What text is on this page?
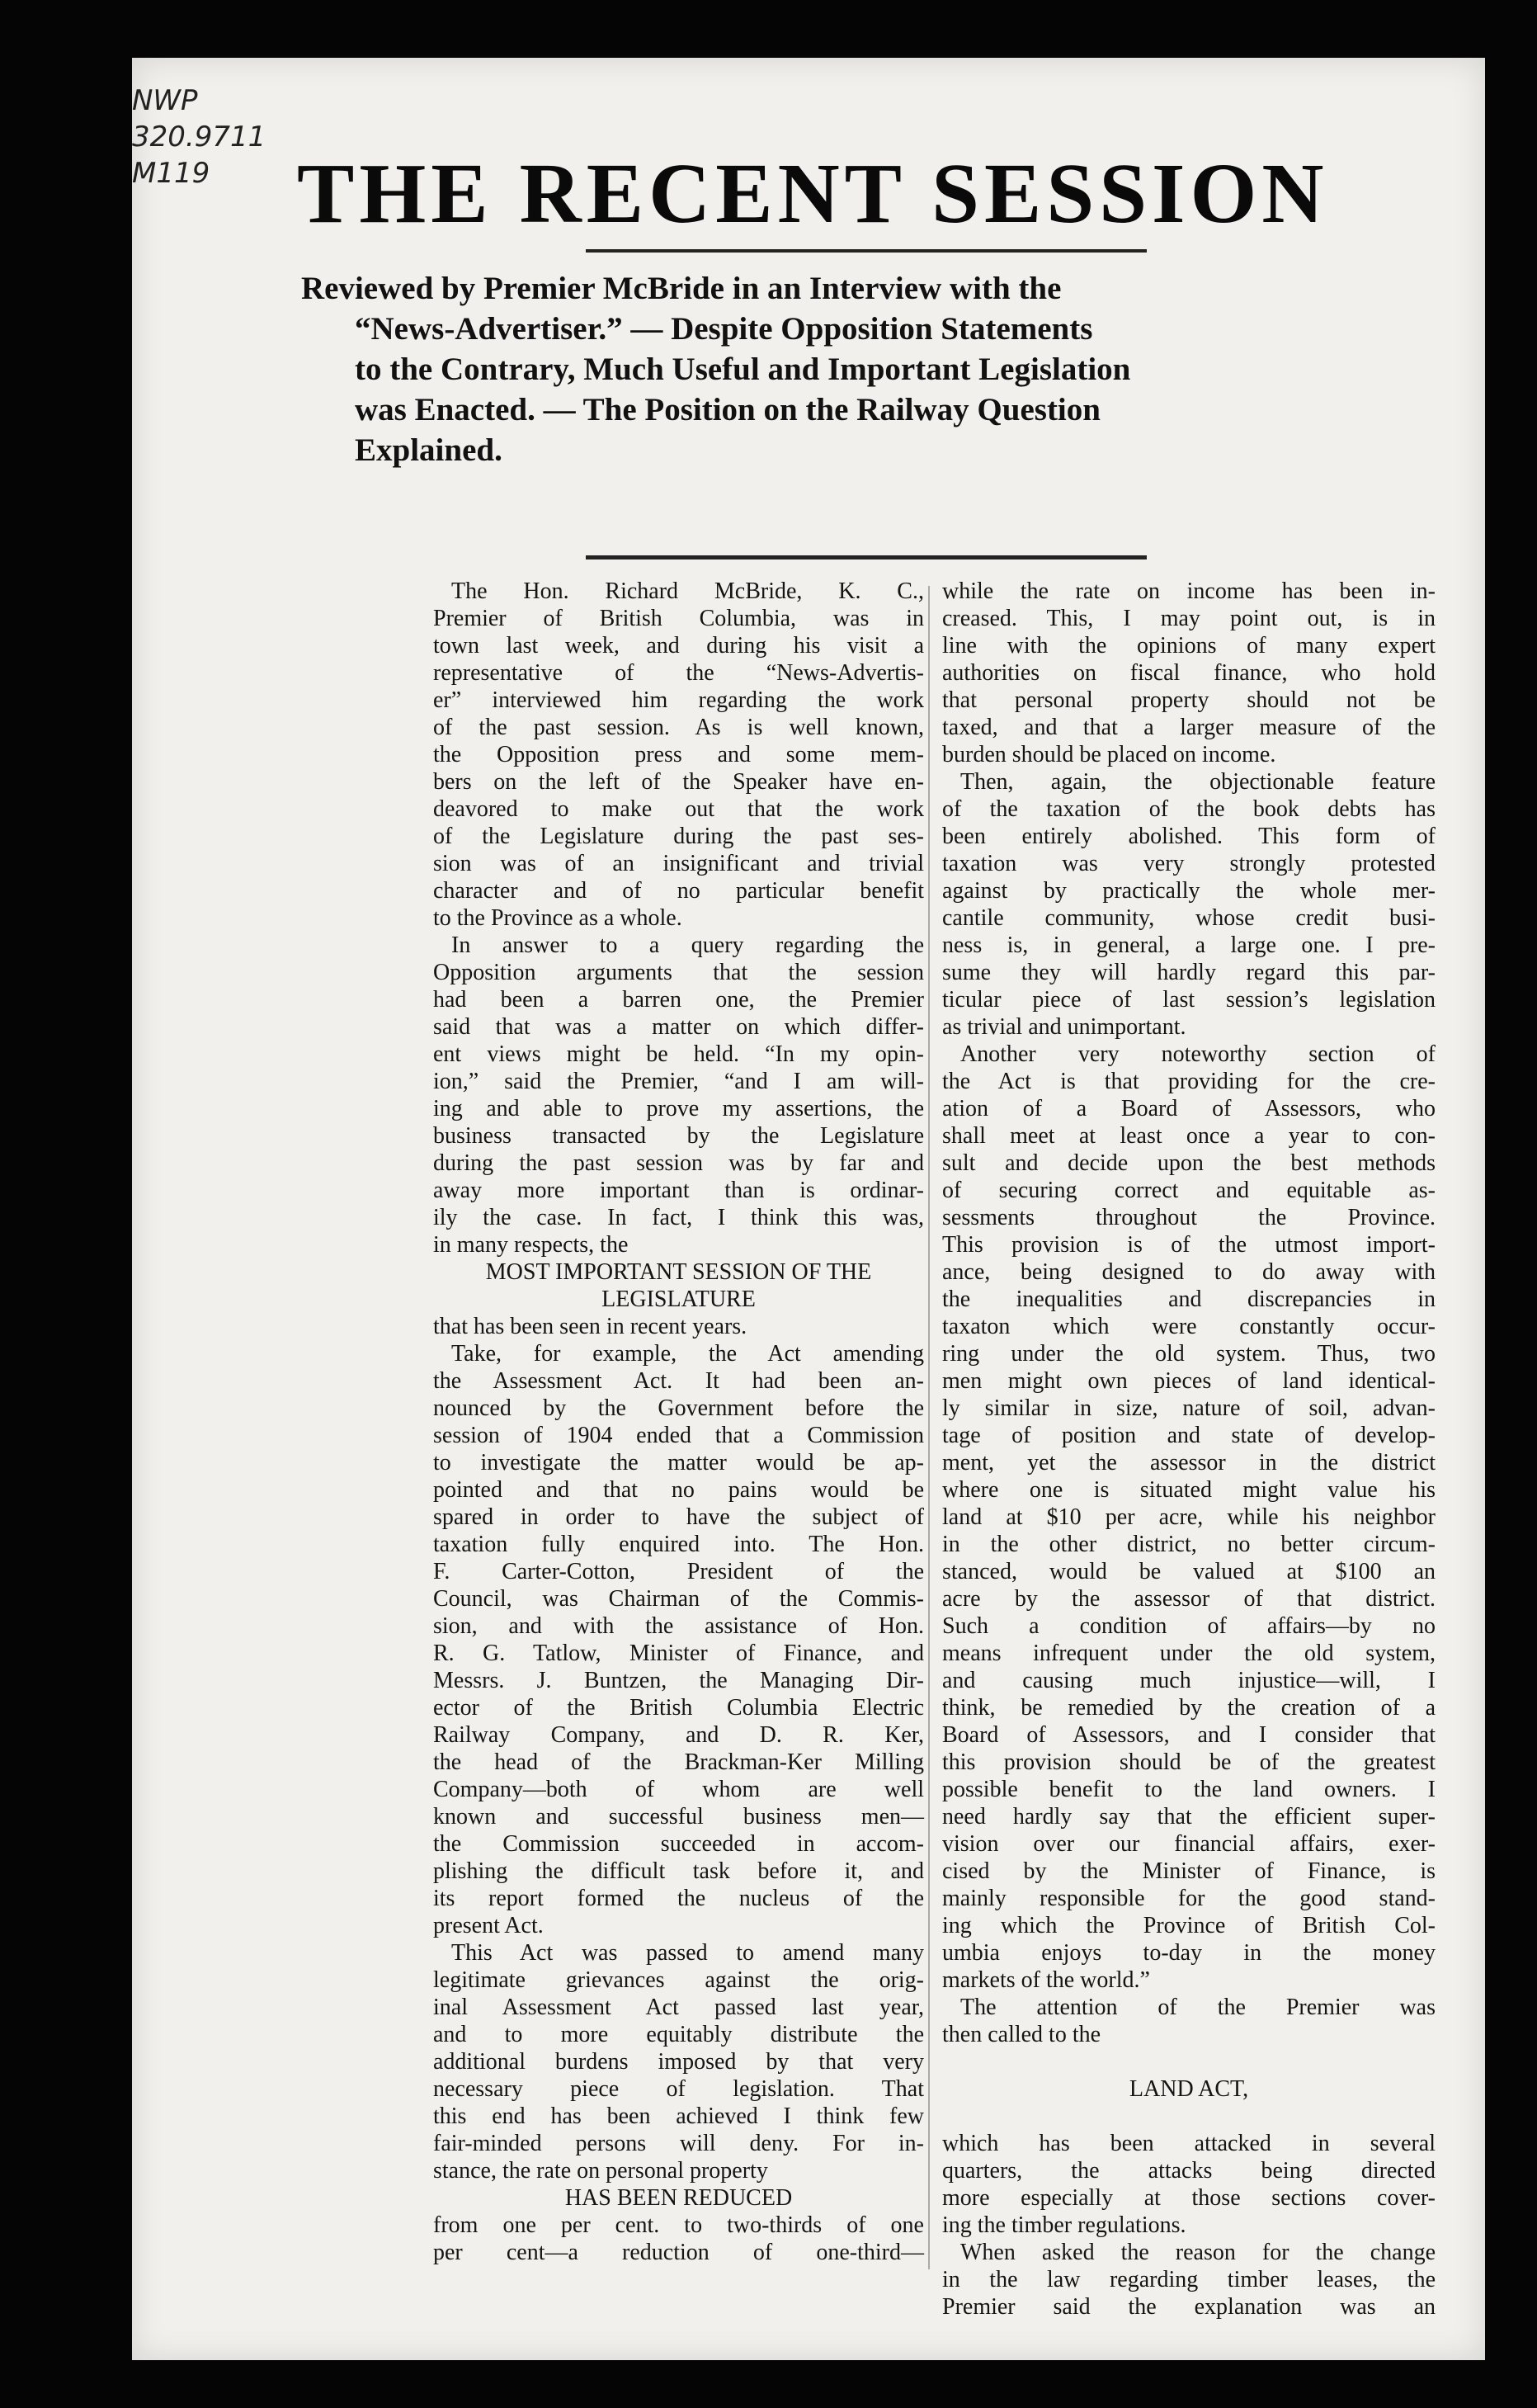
NWP
320.9711
M119	THE RECENT SESSION
Reviewed by Premier McBride in an Interview with the
“News-Advertiser.” — Despite Opposition Statements
to the Contrary, Much Useful and Important Legislation
was Enacted. — The Position on the Railway Question
Explained.
The Hon. Richard McBride, K. C.,
Premier of British Columbia, was in
town last week, and during his visit a
representative of the “News-Advertis-
er” interviewed him regarding the work
of the past session. As is well known,
the Opposition press and some mem-
bers on the left of the Speaker have en-
deavored to make out that the work
of the Legislature during the past ses-
sion was of an insignificant and trivial
character and of no particular benefit
to the Province as a whole.
In answer to a query regarding the
Opposition arguments that the session
had been a barren one, the Premier
said that was a matter on which differ-
ent views might be held. “In my opin-
ion,” said the Premier, “and I am will-
ing and able to prove my assertions, the
business transacted by the Legislature
during the past session was by far and
away more important than is ordinar-
ily the case. In fact, I think this was,
in many respects, the
MOST IMPORTANT SESSION OF THE
LEGISLATURE
that has been seen in recent years.
Take, for example, the Act amending
the Assessment Act. It had been an-
nounced by the Government before the
session of 1904 ended that a Commission
to investigate the matter would be ap-
pointed and that no pains would be
spared in order to have the subject of
taxation fully enquired into. The Hon.
F. Carter-Cotton, President of the
Council, was Chairman of the Commis-
sion, and with the assistance of Hon.
R. G. Tatlow, Minister of Finance, and
Messrs. J. Buntzen, the Managing Dir-
ector of the British Columbia Electric
Railway Company, and D. R. Ker,
the head of the Brackman-Ker Milling
Company—both of whom are well
known and successful business men—
the Commission succeeded in accom-
plishing the difficult task before it, and
its report formed the nucleus of the
present Act.
This Act was passed to amend many
legitimate grievances against the orig-
inal Assessment Act passed last year,
and to more equitably distribute the
additional burdens imposed by that very
necessary piece of legislation. That
this end has been achieved I think few
fair-minded persons will deny. For in-
stance, the rate on personal property
HAS BEEN REDUCED
from one per cent. to two-thirds of one
per cent—a reduction of one-third—
while the rate on income has been in-
creased. This, I may point out, is in
line with the opinions of many expert
authorities on fiscal finance, who hold
that personal property should not be
taxed, and that a larger measure of the
burden should be placed on income.
Then, again, the objectionable feature
of the taxation of the book debts has
been entirely abolished. This form of
taxation was very strongly protested
against by practically the whole mer-
cantile community, whose credit busi-
ness is, in general, a large one. I pre-
sume they will hardly regard this par-
ticular piece of last session’s legislation
as trivial and unimportant.
Another very noteworthy section of
the Act is that providing for the cre-
ation of a Board of Assessors, who
shall meet at least once a year to con-
sult and decide upon the best methods
of securing correct and equitable as-
sessments throughout the Province.
This provision is of the utmost import-
ance, being designed to do away with
the inequalities and discrepancies in
taxaton which were constantly occur-
ring under the old system. Thus, two
men might own pieces of land identical-
ly similar in size, nature of soil, advan-
tage of position and state of develop-
ment, yet the assessor in the district
where one is situated might value his
land at $10 per acre, while his neighbor
in the other district, no better circum-
stanced, would be valued at $100 an
acre by the assessor of that district.
Such a condition of affairs—by no
means infrequent under the old system,
and causing much injustice—will, I
think, be remedied by the creation of a
Board of Assessors, and I consider that
this provision should be of the greatest
possible benefit to the land owners. I
need hardly say that the efficient super-
vision over our financial affairs, exer-
cised by the Minister of Finance, is
mainly responsible for the good stand-
ing which the Province of British Col-
umbia enjoys to-day in the money
markets of the world.”
The attention of the Premier was
then called to the
LAND ACT,
which has been attacked in several
quarters, the attacks being directed
more especially at those sections cover-
ing the timber regulations.
When asked the reason for the change
in the law regarding timber leases, the
Premier said the explanation was an
